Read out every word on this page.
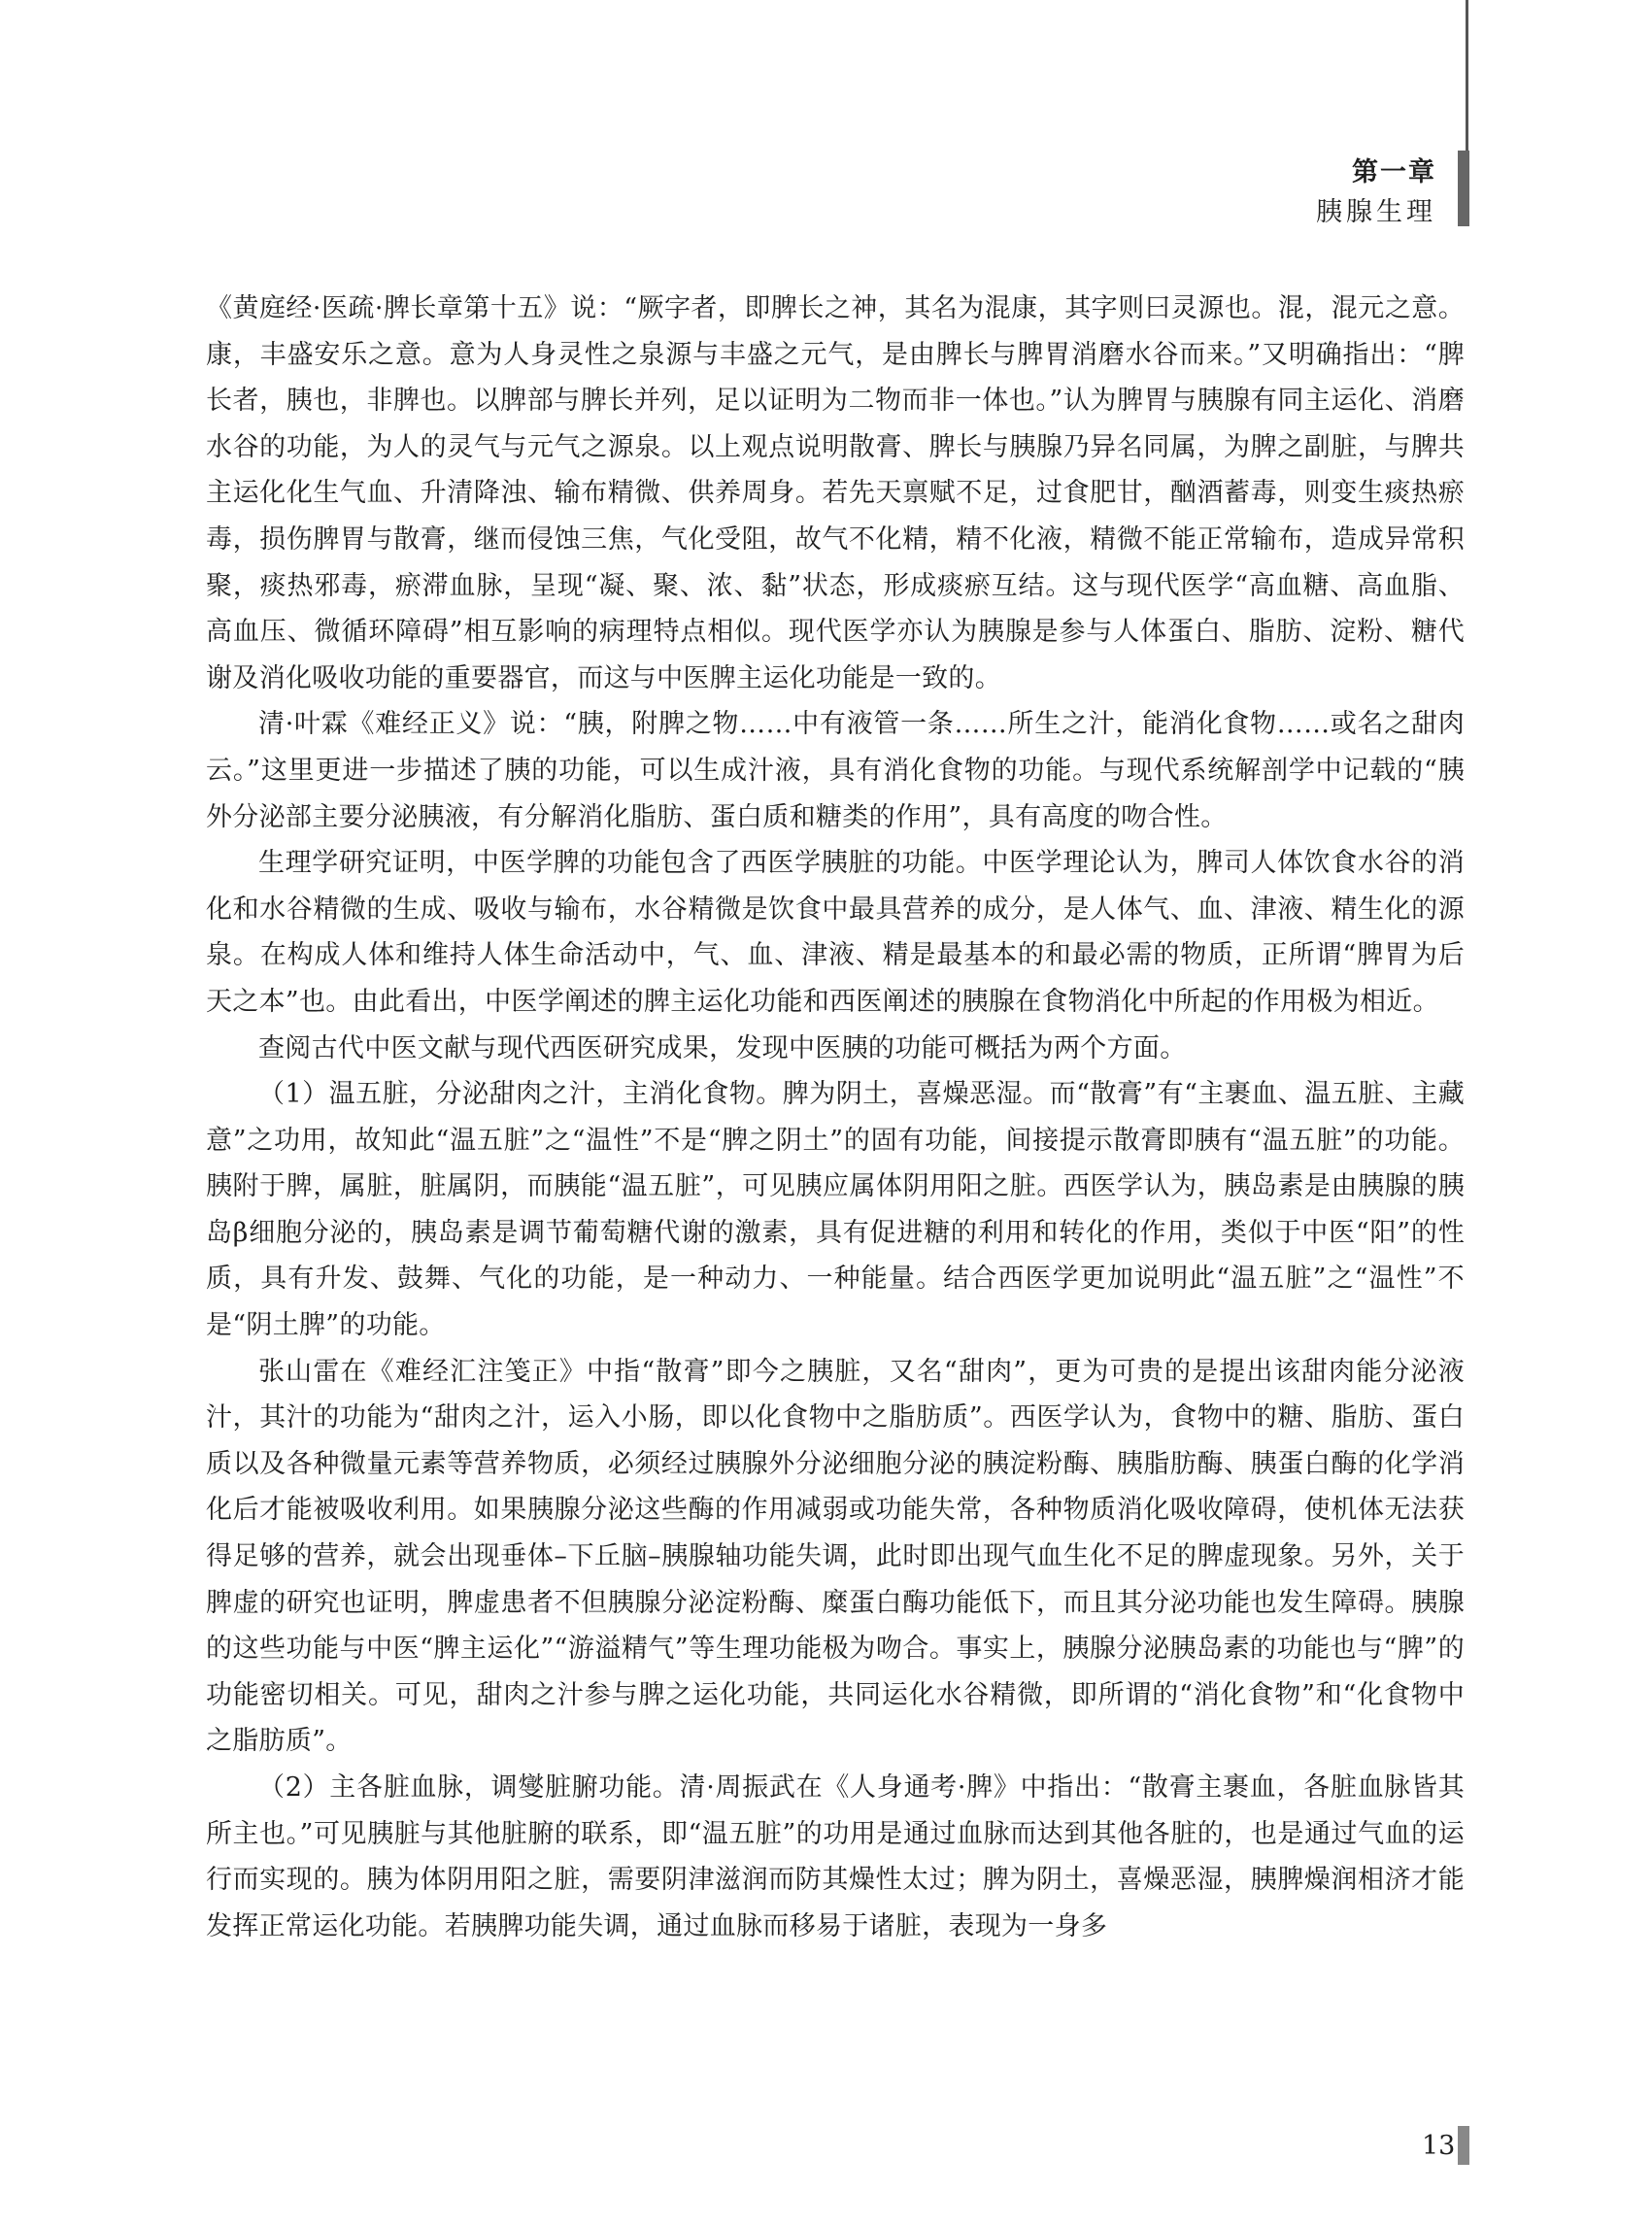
第一章
胰腺生理

《黄庭经·医疏·脾长章第十五》说：“厥字者，即脾长之神，其名为混康，其字则曰灵源也。混，混元之意。康，丰盛安乐之意。意为人身灵性之泉源与丰盛之元气，是由脾长与脾胃消磨水谷而来。”又明确指出：“脾长者，胰也，非脾也。以脾部与脾长并列，足以证明为二物而非一体也。”认为脾胃与胰腺有同主运化、消磨水谷的功能，为人的灵气与元气之源泉。以上观点说明散膏、脾长与胰腺乃异名同属，为脾之副脏，与脾共主运化化生气血、升清降浊、输布精微、供养周身。若先天禀赋不足，过食肥甘，酗酒蓄毒，则变生痰热瘀毒，损伤脾胃与散膏，继而侵蚀三焦，气化受阻，故气不化精，精不化液，精微不能正常输布，造成异常积聚，痰热邪毒，瘀滞血脉，呈现“凝、聚、浓、黏”状态，形成痰瘀互结。这与现代医学“高血糖、高血脂、高血压、微循环障碍”相互影响的病理特点相似。现代医学亦认为胰腺是参与人体蛋白、脂肪、淀粉、糖代谢及消化吸收功能的重要器官，而这与中医脾主运化功能是一致的。

清·叶霖《难经正义》说：“胰，附脾之物……中有液管一条……所生之汁，能消化食物……或名之甜肉云。”这里更进一步描述了胰的功能，可以生成汁液，具有消化食物的功能。与现代系统解剖学中记载的“胰外分泌部主要分泌胰液，有分解消化脂肪、蛋白质和糖类的作用”，具有高度的吻合性。

生理学研究证明，中医学脾的功能包含了西医学胰脏的功能。中医学理论认为，脾司人体饮食水谷的消化和水谷精微的生成、吸收与输布，水谷精微是饮食中最具营养的成分，是人体气、血、津液、精生化的源泉。在构成人体和维持人体生命活动中，气、血、津液、精是最基本的和最必需的物质，正所谓“脾胃为后天之本”也。由此看出，中医学阐述的脾主运化功能和西医阐述的胰腺在食物消化中所起的作用极为相近。

查阅古代中医文献与现代西医研究成果，发现中医胰的功能可概括为两个方面。

（1）温五脏，分泌甜肉之汁，主消化食物。脾为阴土，喜燥恶湿。而“散膏”有“主裹血、温五脏、主藏意”之功用，故知此“温五脏”之“温性”不是“脾之阴土”的固有功能，间接提示散膏即胰有“温五脏”的功能。胰附于脾，属脏，脏属阴，而胰能“温五脏”，可见胰应属体阴用阳之脏。西医学认为，胰岛素是由胰腺的胰岛β细胞分泌的，胰岛素是调节葡萄糖代谢的激素，具有促进糖的利用和转化的作用，类似于中医“阳”的性质，具有升发、鼓舞、气化的功能，是一种动力、一种能量。结合西医学更加说明此“温五脏”之“温性”不是“阴土脾”的功能。

张山雷在《难经汇注笺正》中指“散膏”即今之胰脏，又名“甜肉”，更为可贵的是提出该甜肉能分泌液汁，其汁的功能为“甜肉之汁，运入小肠，即以化食物中之脂肪质”。西医学认为，食物中的糖、脂肪、蛋白质以及各种微量元素等营养物质，必须经过胰腺外分泌细胞分泌的胰淀粉酶、胰脂肪酶、胰蛋白酶的化学消化后才能被吸收利用。如果胰腺分泌这些酶的作用减弱或功能失常，各种物质消化吸收障碍，使机体无法获得足够的营养，就会出现垂体–下丘脑–胰腺轴功能失调，此时即出现气血生化不足的脾虚现象。另外，关于脾虚的研究也证明，脾虚患者不但胰腺分泌淀粉酶、糜蛋白酶功能低下，而且其分泌功能也发生障碍。胰腺的这些功能与中医“脾主运化”“游溢精气”等生理功能极为吻合。事实上，胰腺分泌胰岛素的功能也与“脾”的功能密切相关。可见，甜肉之汁参与脾之运化功能，共同运化水谷精微，即所谓的“消化食物”和“化食物中之脂肪质”。

（2）主各脏血脉，调燮脏腑功能。清·周振武在《人身通考·脾》中指出：“散膏主裹血，各脏血脉皆其所主也。”可见胰脏与其他脏腑的联系，即“温五脏”的功用是通过血脉而达到其他各脏的，也是通过气血的运行而实现的。胰为体阴用阳之脏，需要阴津滋润而防其燥性太过；脾为阴土，喜燥恶湿，胰脾燥润相济才能发挥正常运化功能。若胰脾功能失调，通过血脉而移易于诸脏，表现为一身多

13
